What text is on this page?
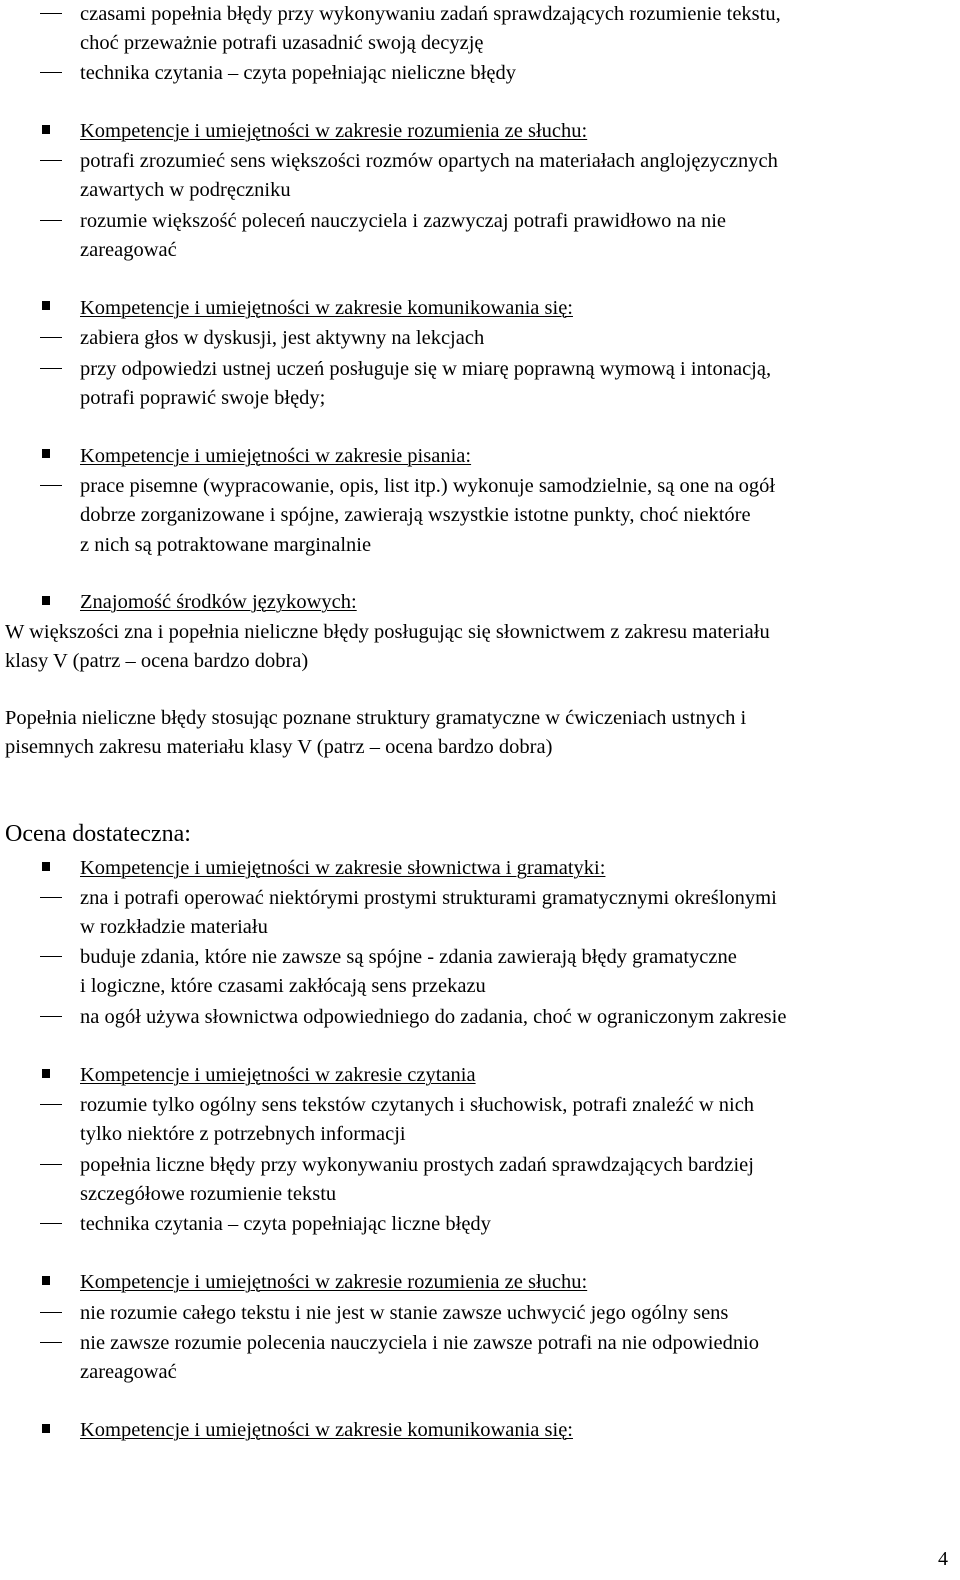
czasami popełnia błędy przy wykonywaniu zadań sprawdzających rozumienie tekstu,
choć przeważnie potrafi uzasadnić swoją decyzję
technika czytania – czyta popełniając nieliczne błędy
Kompetencje i umiejętności w zakresie rozumienia ze słuchu:
potrafi zrozumieć sens większości rozmów opartych na materiałach anglojęzycznych
zawartych w podręczniku
rozumie większość poleceń nauczyciela i zazwyczaj potrafi prawidłowo na nie
zareagować
Kompetencje i umiejętności w zakresie komunikowania się:
zabiera głos w dyskusji, jest aktywny na lekcjach
przy odpowiedzi ustnej uczeń posługuje się w miarę poprawną wymową i intonacją,
potrafi poprawić swoje błędy;
Kompetencje i umiejętności w zakresie pisania:
prace pisemne (wypracowanie, opis, list itp.) wykonuje samodzielnie, są one na ogół
dobrze zorganizowane i spójne, zawierają wszystkie istotne punkty, choć niektóre
z nich są potraktowane marginalnie
Znajomość środków językowych:
W większości zna i popełnia nieliczne błędy posługując się słownictwem z zakresu materiału
klasy V (patrz – ocena bardzo dobra)
Popełnia nieliczne błędy stosując poznane struktury gramatyczne w ćwiczeniach ustnych i
pisemnych zakresu materiału klasy V (patrz – ocena bardzo dobra)
Ocena dostateczna:
Kompetencje i umiejętności w zakresie słownictwa i gramatyki:
zna i potrafi operować niektórymi prostymi strukturami gramatycznymi określonymi
w rozkładzie materiału
buduje zdania, które nie zawsze są spójne - zdania zawierają błędy gramatyczne
i logiczne, które czasami zakłócają sens przekazu
na ogół używa słownictwa odpowiedniego do zadania, choć w ograniczonym zakresie
Kompetencje i umiejętności w zakresie czytania
rozumie tylko ogólny sens tekstów czytanych i słuchowisk, potrafi znaleźć w nich
tylko niektóre z potrzebnych informacji
popełnia liczne błędy przy wykonywaniu prostych zadań sprawdzających bardziej
szczegółowe rozumienie tekstu
technika czytania – czyta popełniając liczne błędy
Kompetencje i umiejętności w zakresie rozumienia ze słuchu:
nie rozumie całego tekstu i nie jest w stanie zawsze uchwycić jego ogólny sens
nie zawsze rozumie polecenia nauczyciela i nie zawsze potrafi na nie odpowiednio
zareagować
Kompetencje i umiejętności w zakresie komunikowania się:
4
